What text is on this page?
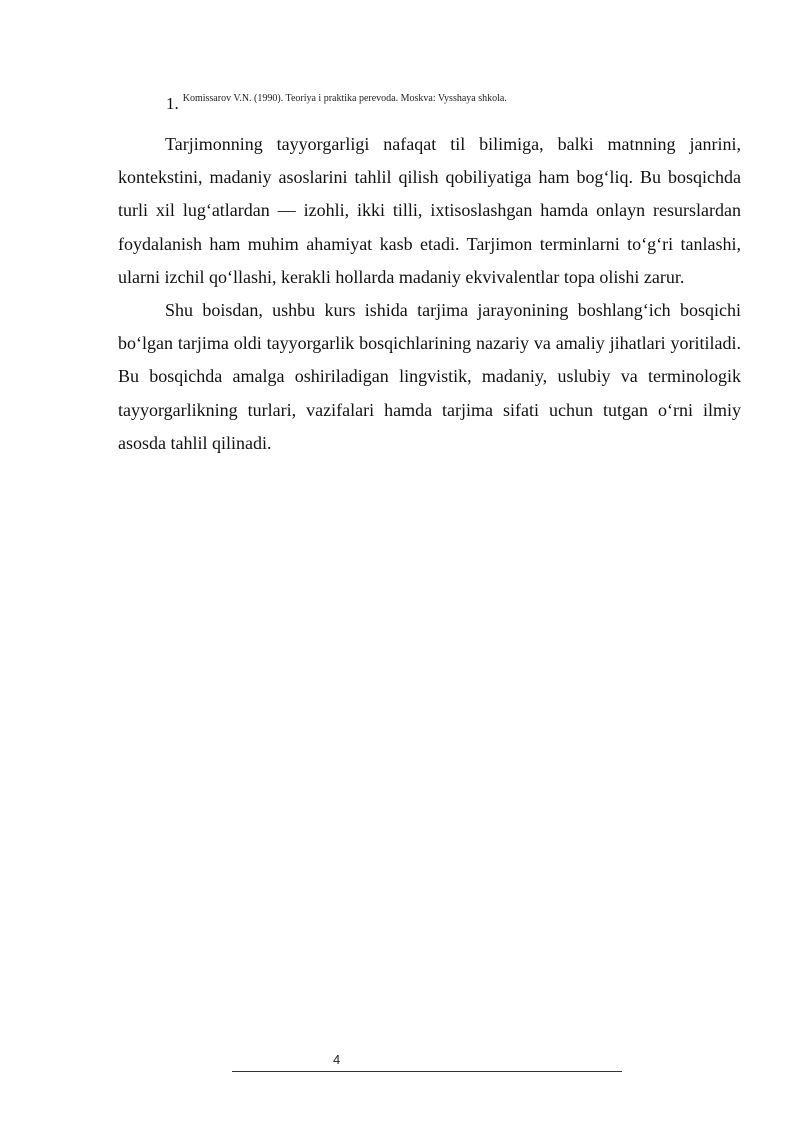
1. $^{Komissarov V.N. (1990). Teoriya i praktika perevoda. Moskva: Vysshaya shkola.}$

Tarjimonning tayyorgarligi nafaqat til bilimiga, balki matnning janrini, kontekstini, madaniy asoslarini tahlil qilish qobiliyatiga ham bog‘liq. Bu bosqichda turli xil lug‘atlardan — izohli, ikki tilli, ixtisoslashgan hamda onlayn resurslardan foydalanish ham muhim ahamiyat kasb etadi. Tarjimon terminlarni to‘g‘ri tanlashi, ularni izchil qo‘llashi, kerakli hollarda madaniy ekvivalentlar topa olishi zarur.

Shu boisdan, ushbu kurs ishida tarjima jarayonining boshlang‘ich bosqichi bo‘lgan tarjima oldi tayyorgarlik bosqichlarining nazariy va amaliy jihatlari yoritiladi. Bu bosqichda amalga oshiriladigan lingvistik, madaniy, uslubiy va terminologik tayyorgarlikning turlari, vazifalari hamda tarjima sifati uchun tutgan o‘rni ilmiy asosda tahlil qilinadi.

4
